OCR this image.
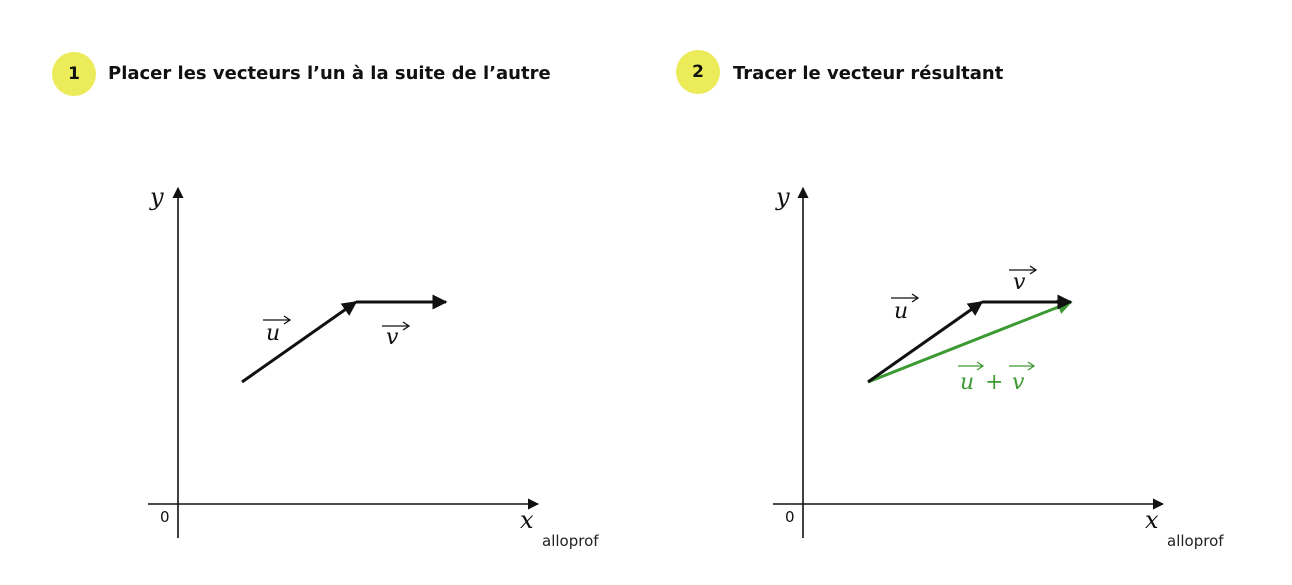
1	Placer les vecteurs l’un à la suite de l’autre	2	Tracer le vecteur résultant
y
x
0
u	v
alloprof
y
x
0
u
v
u + v
alloprof
